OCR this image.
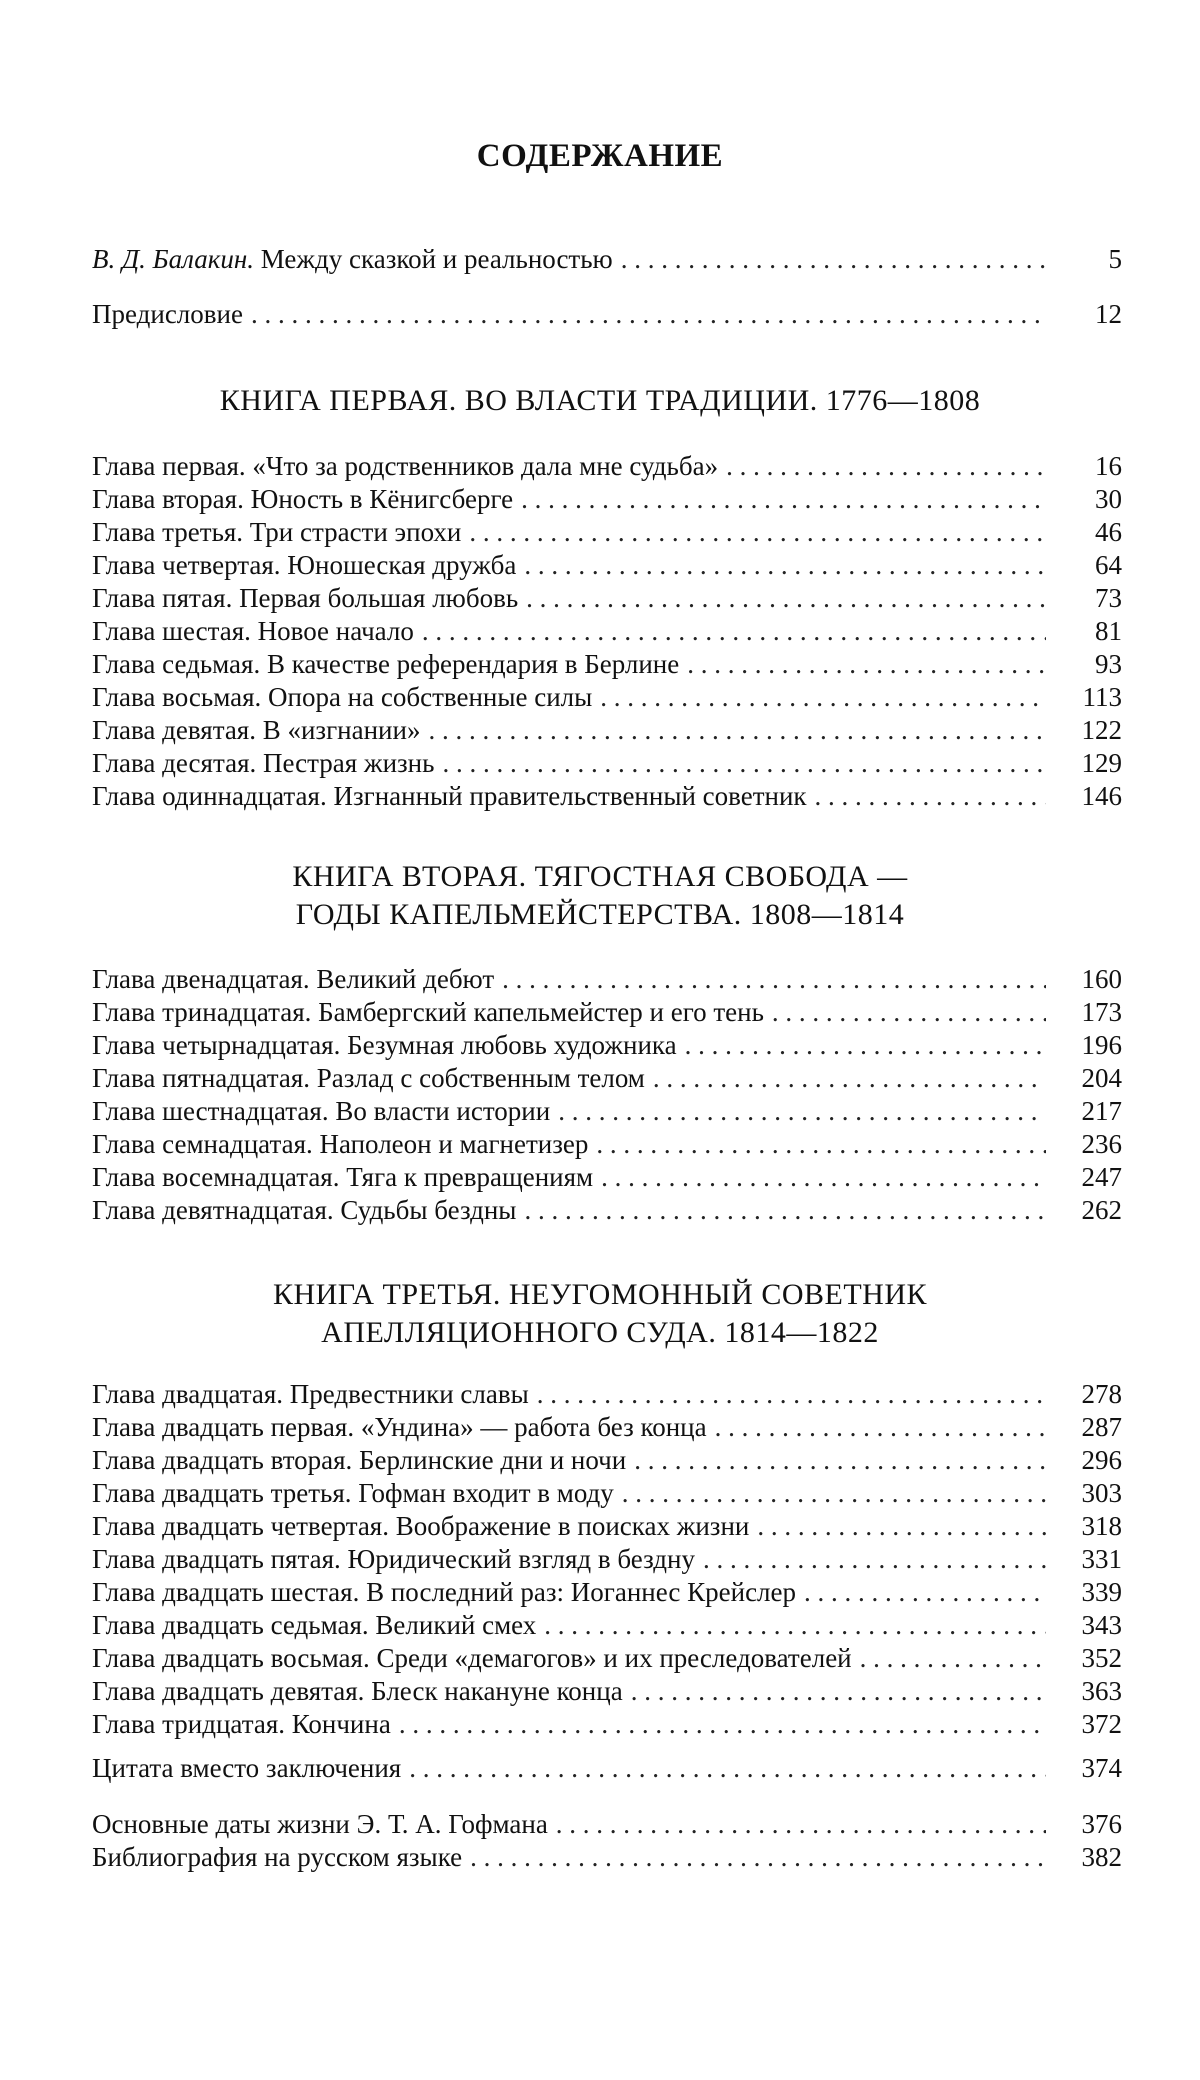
СОДЕРЖАНИЕ
В. Д. Балакин. Между сказкой и реальностью . . .	5
Предисловие . . .	12
КНИГА ПЕРВАЯ. ВО ВЛАСТИ ТРАДИЦИИ. 1776—1808
Глава первая. «Что за родственников дала мне судьба» . . .	16
Глава вторая. Юность в Кёнигсберге . . .	30
Глава третья. Три страсти эпохи . . .	46
Глава четвертая. Юношеская дружба . . .	64
Глава пятая. Первая большая любовь . . .	73
Глава шестая. Новое начало . . .	81
Глава седьмая. В качестве референдария в Берлине . . .	93
Глава восьмая. Опора на собственные силы . . .	113
Глава девятая. В «изгнании» . . .	122
Глава десятая. Пестрая жизнь . . .	129
Глава одиннадцатая. Изгнанный правительственный советник . . .	146
КНИГА ВТОРАЯ. ТЯГОСТНАЯ СВОБОДА —
ГОДЫ КАПЕЛЬМЕЙСТЕРСТВА. 1808—1814
Глава двенадцатая. Великий дебют . . .	160
Глава тринадцатая. Бамбергский капельмейстер и его тень . . .	173
Глава четырнадцатая. Безумная любовь художника . . .	196
Глава пятнадцатая. Разлад с собственным телом . . .	204
Глава шестнадцатая. Во власти истории . . .	217
Глава семнадцатая. Наполеон и магнетизер . . .	236
Глава восемнадцатая. Тяга к превращениям . . .	247
Глава девятнадцатая. Судьбы бездны . . .	262
КНИГА ТРЕТЬЯ. НЕУГОМОННЫЙ СОВЕТНИК
АПЕЛЛЯЦИОННОГО СУДА. 1814—1822
Глава двадцатая. Предвестники славы . . .	278
Глава двадцать первая. «Ундина» — работа без конца . . .	287
Глава двадцать вторая. Берлинские дни и ночи . . .	296
Глава двадцать третья. Гофман входит в моду . . .	303
Глава двадцать четвертая. Воображение в поисках жизни . . .	318
Глава двадцать пятая. Юридический взгляд в бездну . . .	331
Глава двадцать шестая. В последний раз: Иоганнес Крейслер . . .	339
Глава двадцать седьмая. Великий смех . . .	343
Глава двадцать восьмая. Среди «демагогов» и их преследователей . . .	352
Глава двадцать девятая. Блеск накануне конца . . .	363
Глава тридцатая. Кончина . . .	372
Цитата вместо заключения . . .	374
Основные даты жизни Э. Т. А. Гофмана . . .	376
Библиография на русском языке . . .	382
